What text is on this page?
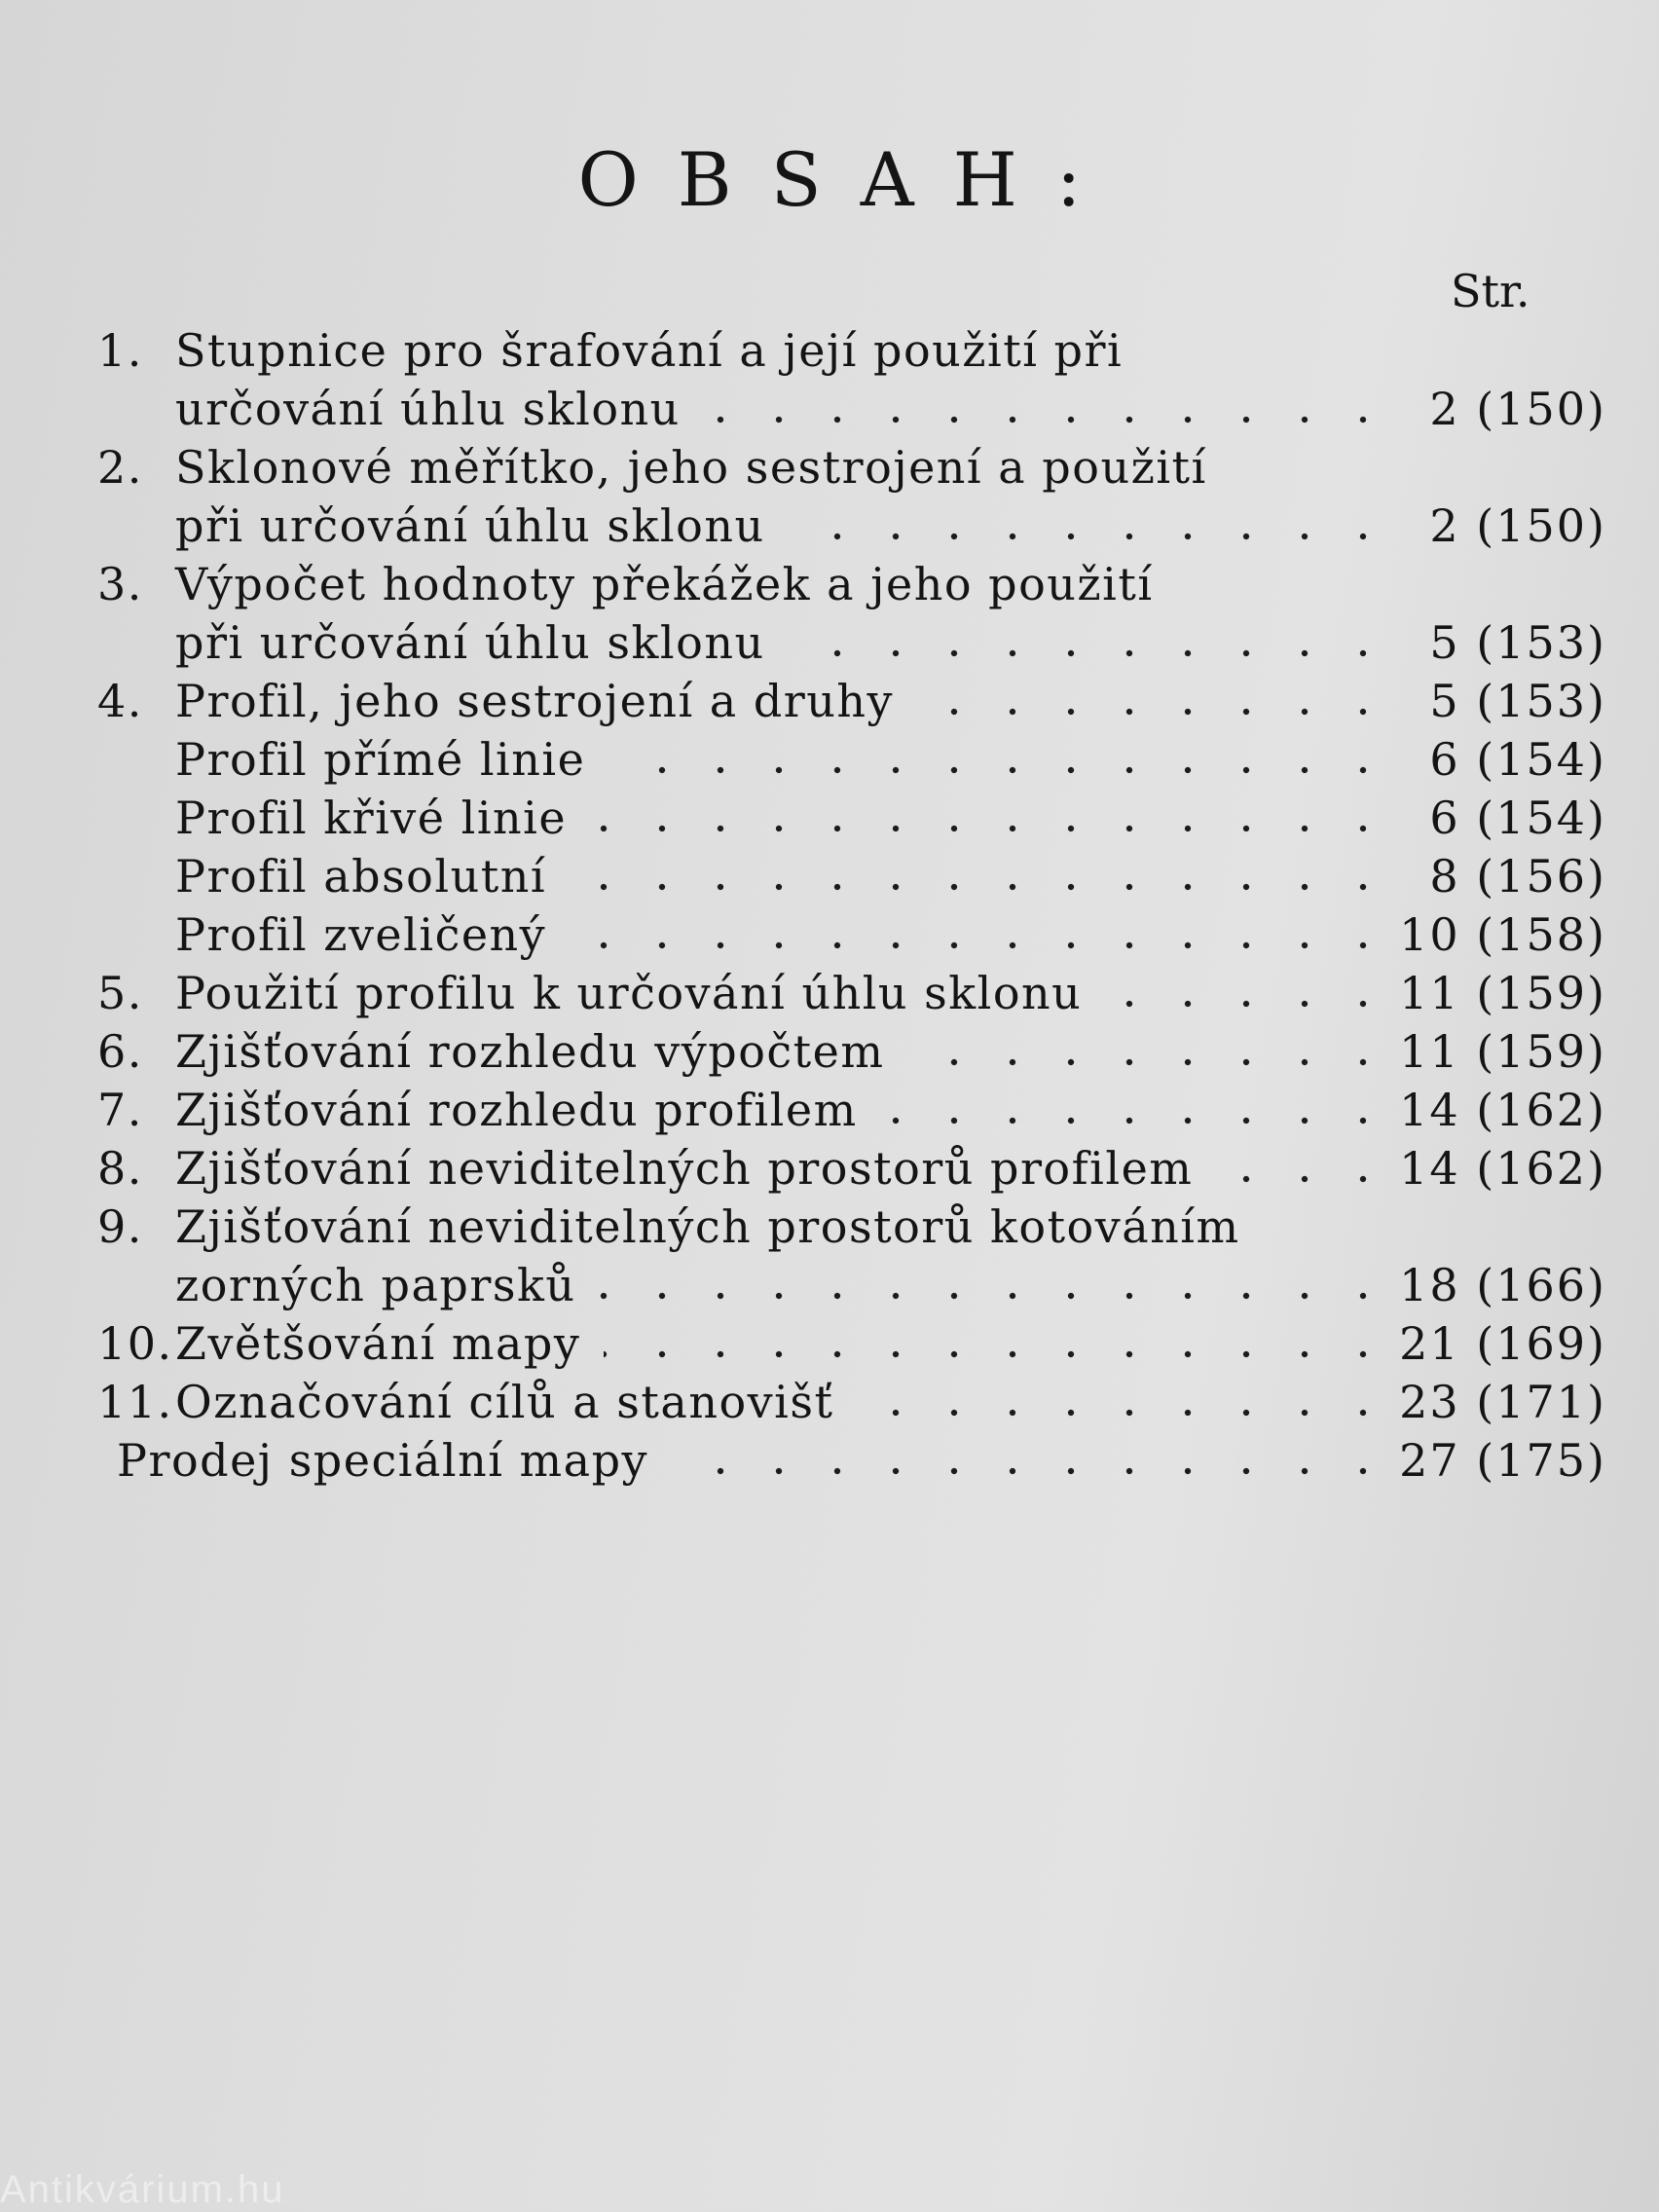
OBSAH:
Str.
1. Stupnice pro šrafování a její použití při
určování úhlu sklonu	2 (150)
2. Sklonové měřítko, jeho sestrojení a použití
při určování úhlu sklonu	2 (150)
3. Výpočet hodnoty překážek a jeho použití
při určování úhlu sklonu	5 (153)
4. Profil, jeho sestrojení a druhy	5 (153)
Profil přímé linie	6 (154)
Profil křivé linie	6 (154)
Profil absolutní	8 (156)
Profil zveličený	10 (158)
5. Použití profilu k určování úhlu sklonu	11 (159)
6. Zjišťování rozhledu výpočtem	11 (159)
7. Zjišťování rozhledu profilem	14 (162)
8. Zjišťování neviditelných prostorů profilem	14 (162)
9. Zjišťování neviditelných prostorů kotováním
zorných paprsků	18 (166)
10. Zvětšování mapy	21 (169)
11. Označování cílů a stanovišť	23 (171)
Prodej speciální mapy	27 (175)
Antikvárium.hu
